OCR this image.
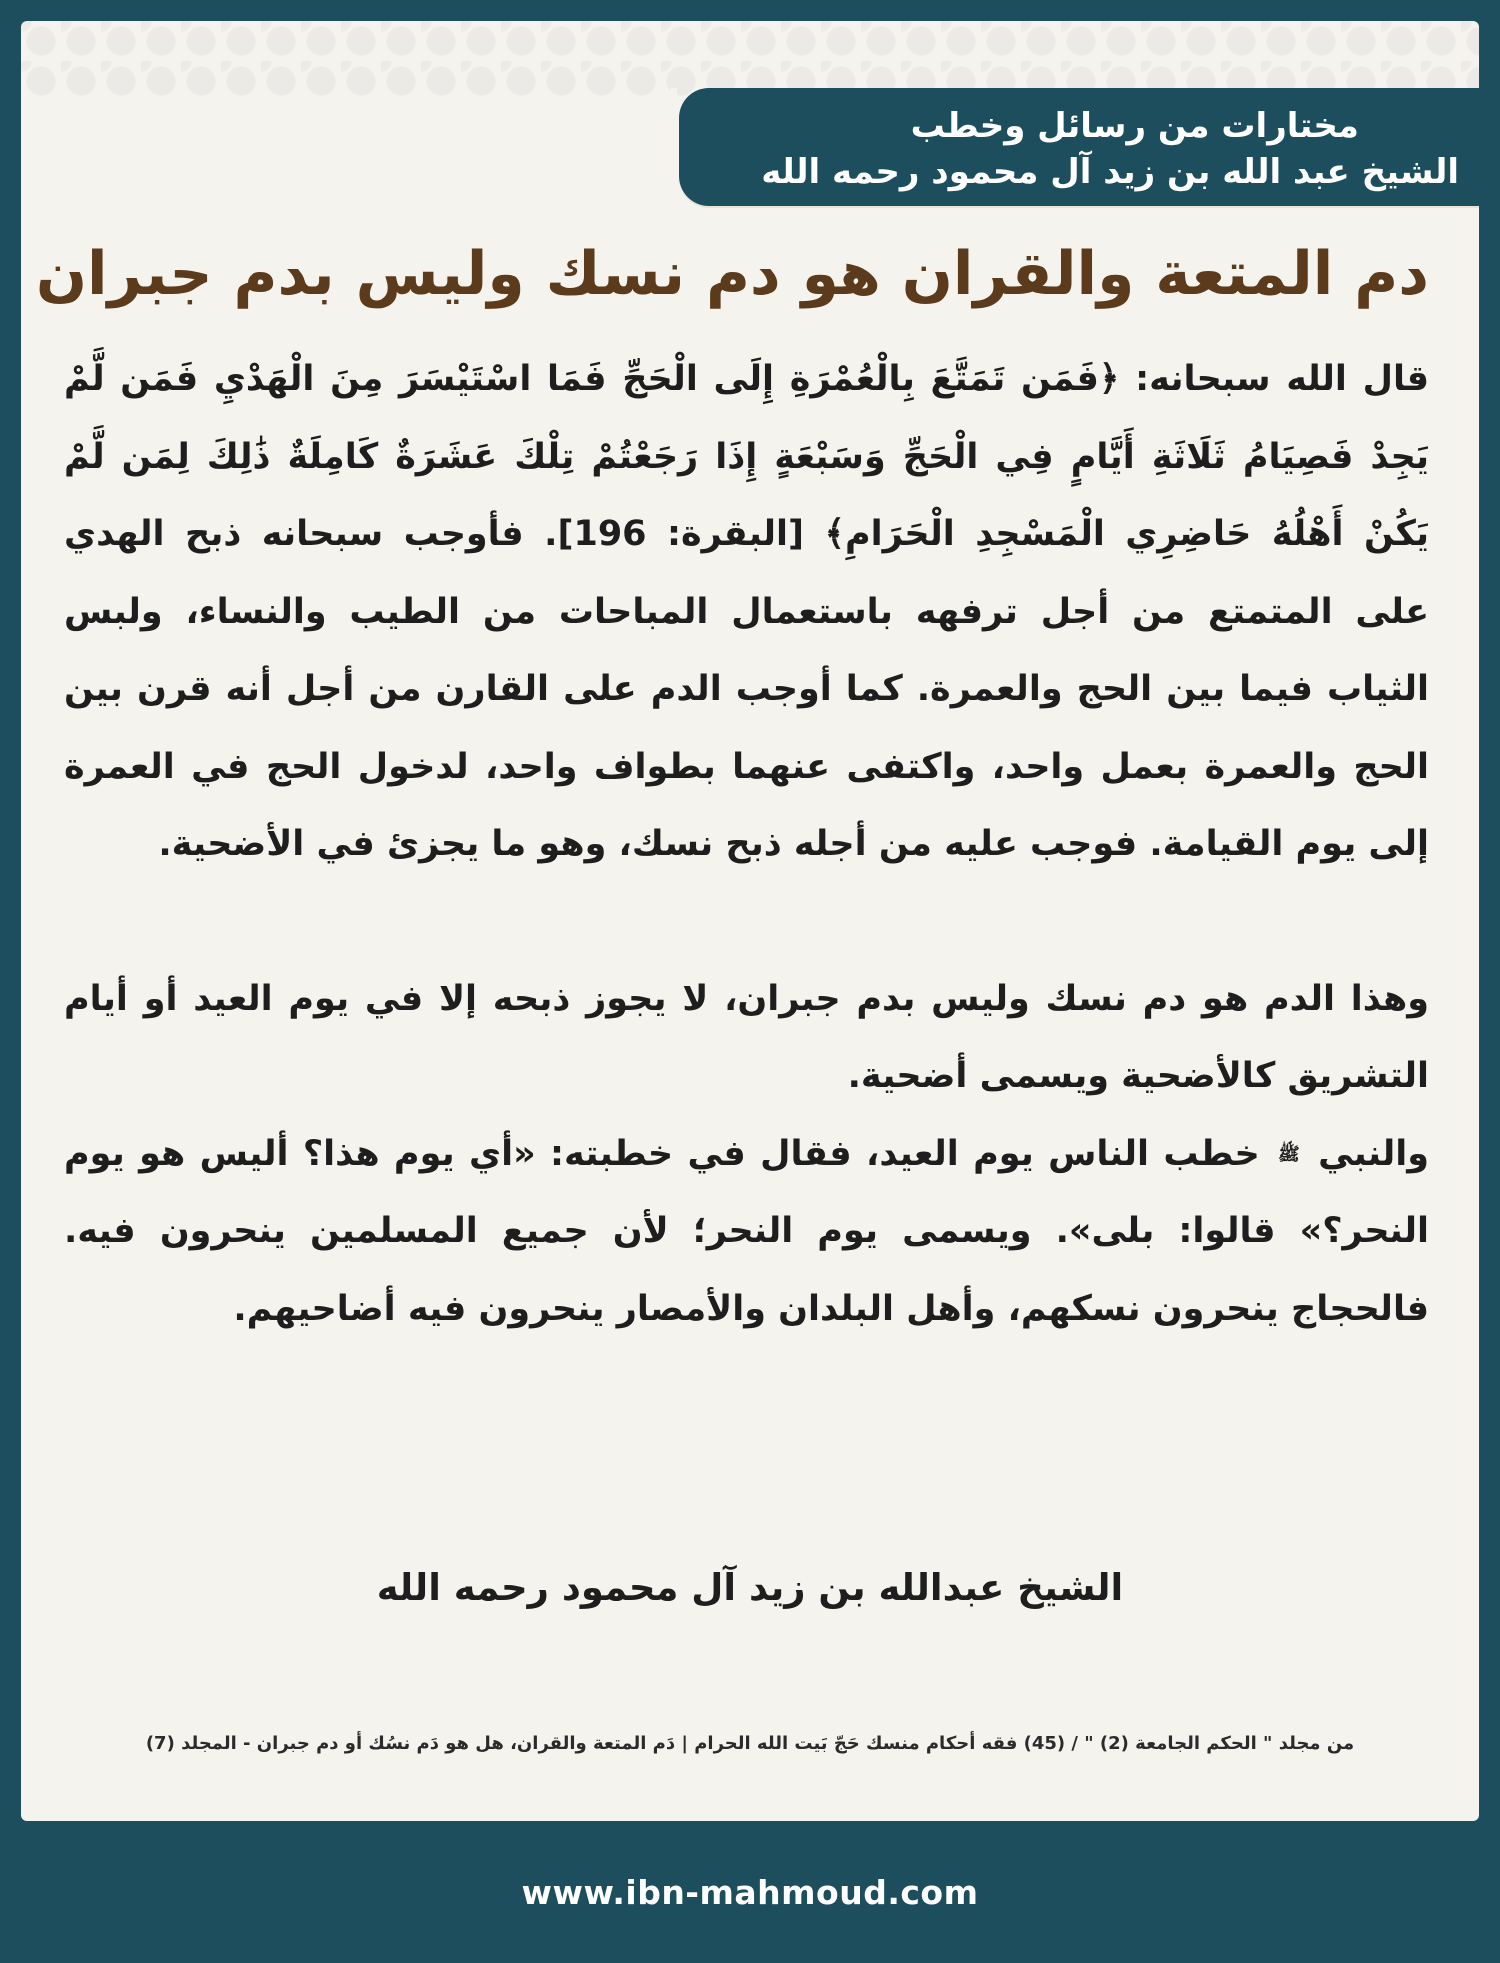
مختارات من رسائل وخطب
الشيخ عبد الله بن زيد آل محمود رحمه الله
دم المتعة والقران هو دم نسك وليس بدم جبران

قال الله سبحانه: ﴿فَمَن تَمَتَّعَ بِالْعُمْرَةِ إِلَى الْحَجِّ فَمَا اسْتَيْسَرَ مِنَ الْهَدْيِ فَمَن لَّمْ يَجِدْ فَصِيَامُ ثَلَاثَةِ أَيَّامٍ فِي الْحَجِّ وَسَبْعَةٍ إِذَا رَجَعْتُمْ تِلْكَ عَشَرَةٌ كَامِلَةٌ ذَٰلِكَ لِمَن لَّمْ يَكُنْ أَهْلُهُ حَاضِرِي الْمَسْجِدِ الْحَرَامِ﴾ [البقرة: 196]. فأوجب سبحانه ذبح الهدي على المتمتع من أجل ترفهه باستعمال المباحات من الطيب والنساء، ولبس الثياب فيما بين الحج والعمرة. كما أوجب الدم على القارن من أجل أنه قرن بين الحج والعمرة بعمل واحد، واكتفى عنهما بطواف واحد، لدخول الحج في العمرة إلى يوم القيامة. فوجب عليه من أجله ذبح نسك، وهو ما يجزئ في الأضحية.

وهذا الدم هو دم نسك وليس بدم جبران، لا يجوز ذبحه إلا في يوم العيد أو أيام التشريق كالأضحية ويسمى أضحية.

والنبي ﷺ خطب الناس يوم العيد، فقال في خطبته: «أي يوم هذا؟ أليس هو يوم النحر؟» قالوا: بلى». ويسمى يوم النحر؛ لأن جميع المسلمين ينحرون فيه. فالحجاج ينحرون نسكهم، وأهل البلدان والأمصار ينحرون فيه أضاحيهم.

الشيخ عبدالله بن زيد آل محمود رحمه الله
من مجلد " الحكم الجامعة (2) " / (45) فقه أحكام منسك حَجّ بَيت الله الحرام | دَم المتعة والقران، هل هو دَم نسُك أو دم جبران - المجلد (7)
www.ibn-mahmoud.com
